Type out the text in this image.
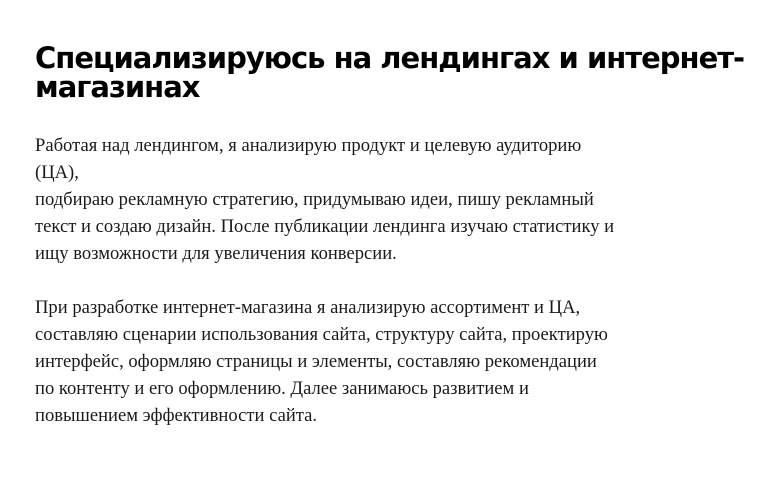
Специализируюсь на лендингах и интернет-
магазинах

Работая над лендингом, я анализирую продукт и целевую аудиторию
(ЦА),
подбираю рекламную стратегию, придумываю идеи, пишу рекламный
текст и создаю дизайн. После публикации лендинга изучаю статистику и
ищу возможности для увеличения конверсии.

При разработке интернет-магазина я анализирую ассортимент и ЦА,
составляю сценарии использования сайта, структуру сайта, проектирую
интерфейс, оформляю страницы и элементы, составляю рекомендации
по контенту и его оформлению. Далее занимаюсь развитием и
повышением эффективности сайта.
